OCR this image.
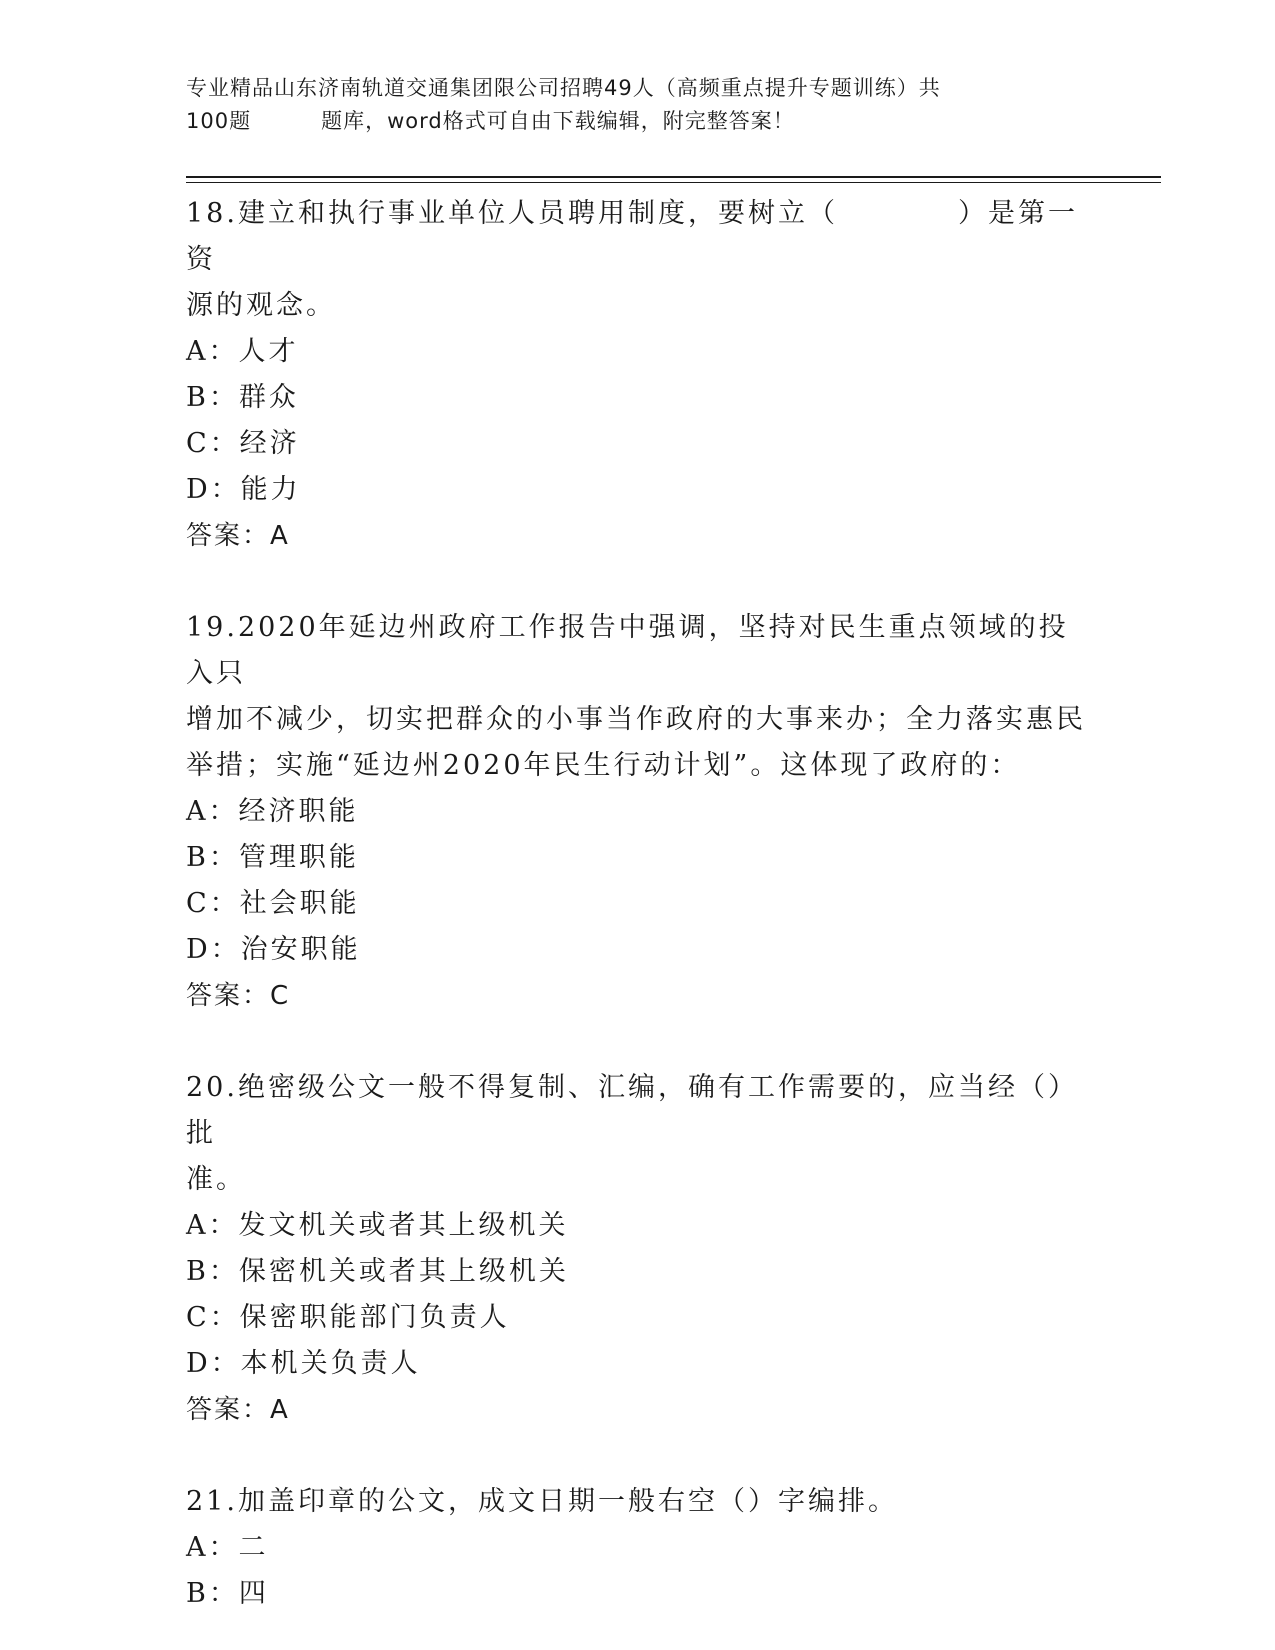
专业精品山东济南轨道交通集团限公司招聘49人（高频重点提升专题训练）共
100题	题库，word格式可自由下载编辑，附完整答案！

18.建立和执行事业单位人员聘用制度，要树立（	）是第一资

源的观念。

A：人才

B：群众

C：经济

D：能力

答案：A

19.2020年延边州政府工作报告中强调，坚持对民生重点领域的投入只

增加不减少，切实把群众的小事当作政府的大事来办；全力落实惠民

举措；实施“延边州2020年民生行动计划”。这体现了政府的：

A：经济职能

B：管理职能

C：社会职能

D：治安职能

答案：C

20.绝密级公文一般不得复制、汇编，确有工作需要的，应当经（）批

准。

A：发文机关或者其上级机关

B：保密机关或者其上级机关

C：保密职能部门负责人

D：本机关负责人

答案：A

21.加盖印章的公文，成文日期一般右空（）字编排。

A：二

B：四
